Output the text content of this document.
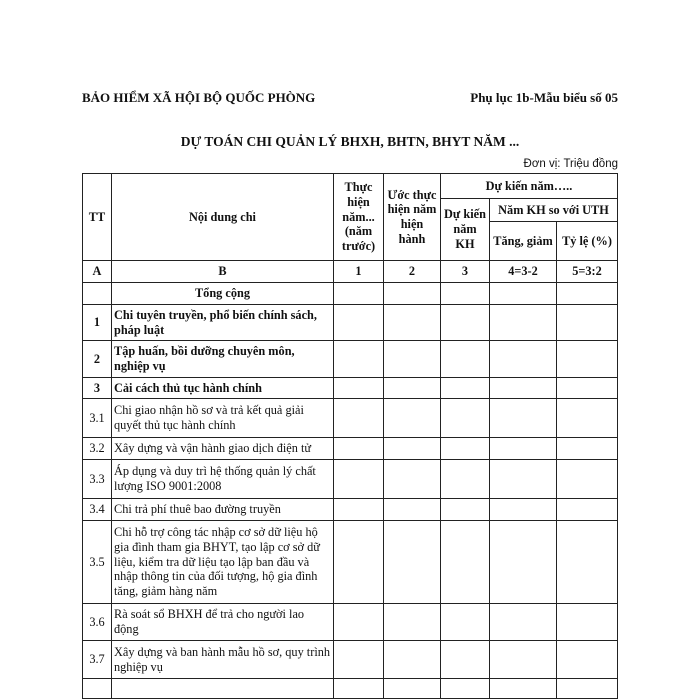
BẢO HIỂM XÃ HỘI BỘ QUỐC PHÒNG	Phụ lục 1b-Mẫu biểu số 05
DỰ TOÁN CHI QUẢN LÝ BHXH, BHTN, BHYT NĂM ...
Đơn vị: Triệu đồng
TT	Nội dung chi	Thực hiện năm... (năm trước)	Ước thực hiện năm hiện hành	Dự kiến năm…..		
				Dự kiến năm KH	Năm KH so với UTH	
					Tăng, giảm	Tỷ lệ (%)
A	B	1	2	3	4=3-2	5=3:2
	Tổng cộng					
1	Chi tuyên truyền, phổ biến chính sách, pháp luật					
2	Tập huấn, bồi dưỡng chuyên môn, nghiệp vụ					
3	Cải cách thủ tục hành chính					
3.1	Chi giao nhận hồ sơ và trả kết quả giải quyết thủ tục hành chính					
3.2	Xây dựng và vận hành giao dịch điện tử					
3.3	Áp dụng và duy trì hệ thống quản lý chất lượng ISO 9001:2008					
3.4	Chi trả phí thuê bao đường truyền					
3.5	Chi hỗ trợ công tác nhập cơ sở dữ liệu hộ gia đình tham gia BHYT, tạo lập cơ sở dữ liệu, kiểm tra dữ liệu tạo lập ban đầu và nhập thông tin của đối tượng, hộ gia đình tăng, giảm hàng năm					
3.6	Rà soát sổ BHXH để trả cho người lao động					
3.7	Xây dựng và ban hành mẫu hồ sơ, quy trình nghiệp vụ					
